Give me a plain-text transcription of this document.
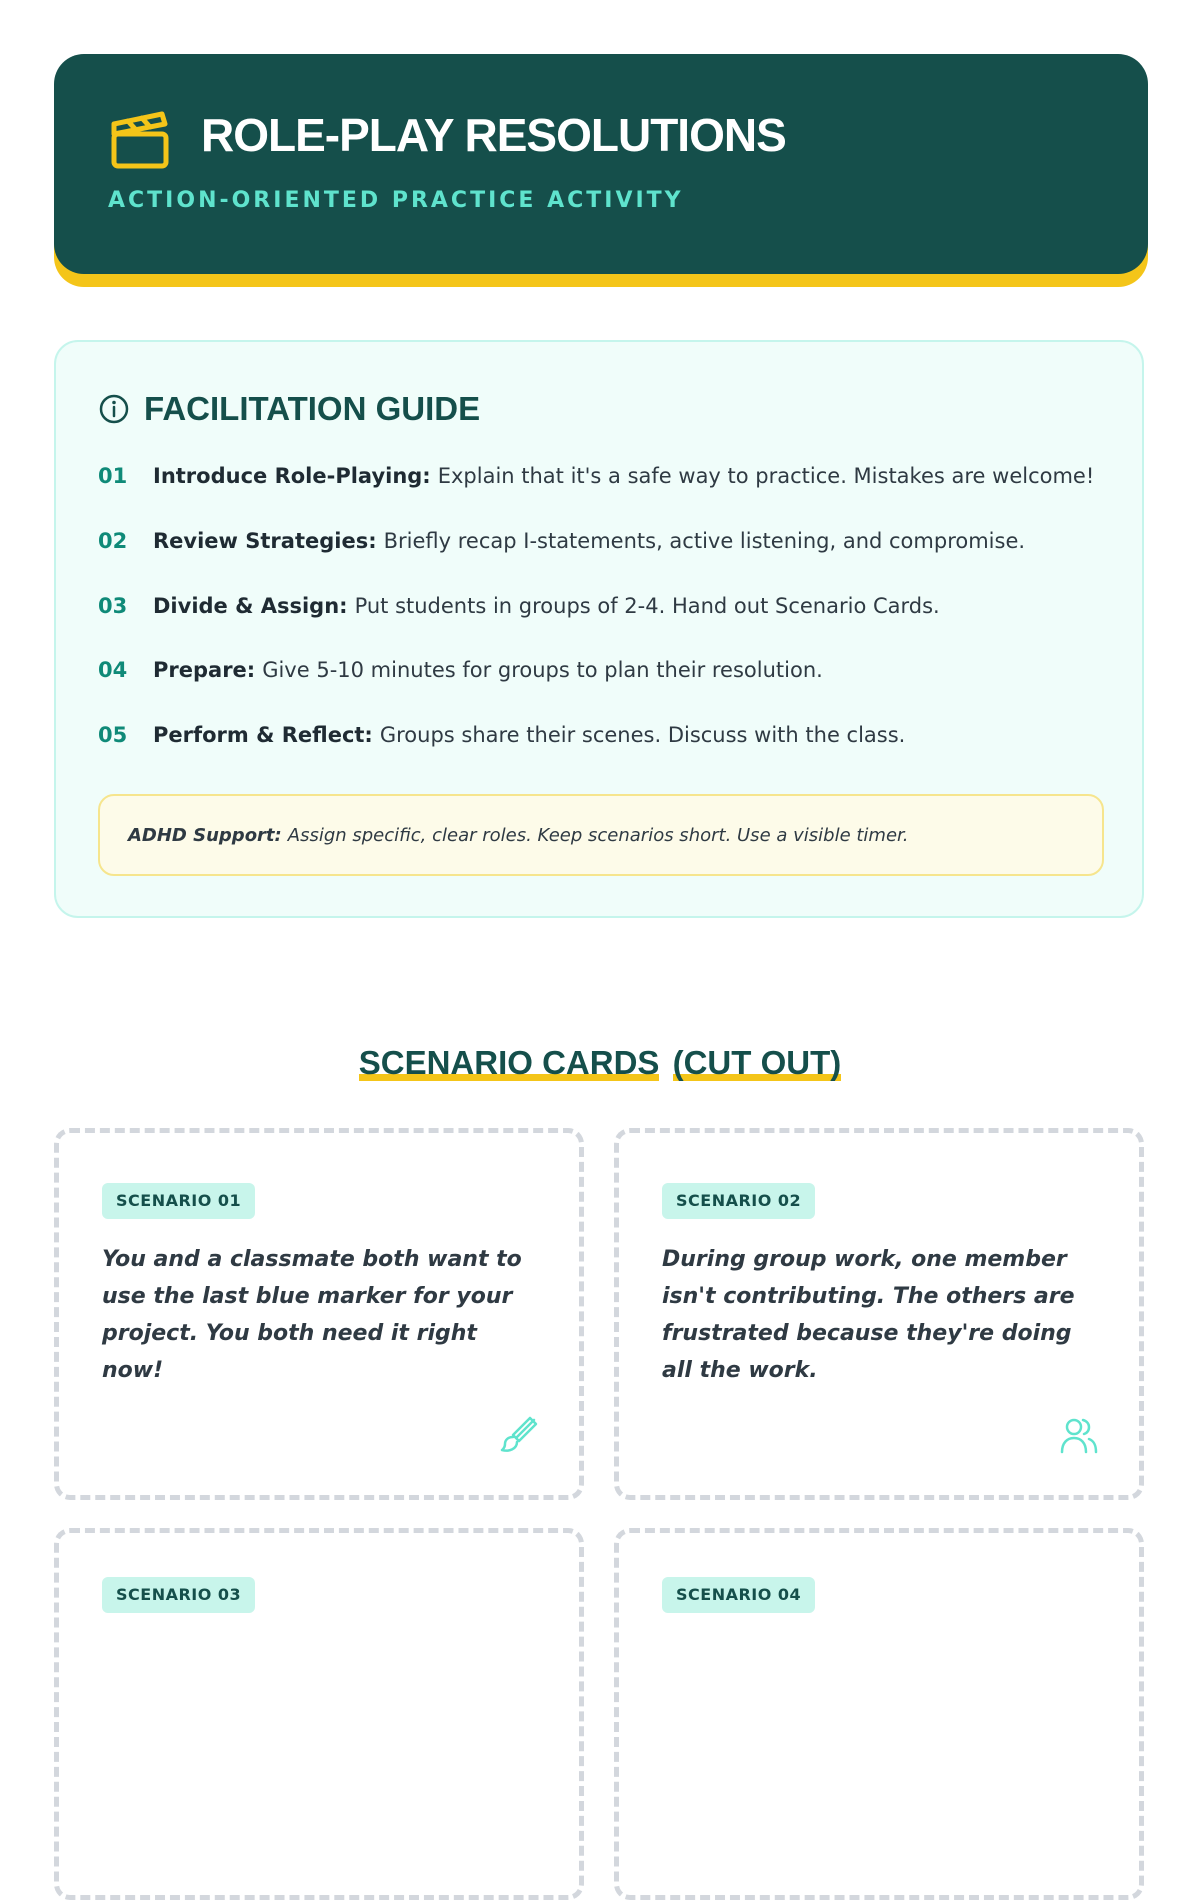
ROLE-PLAY RESOLUTIONS
ACTION-ORIENTED PRACTICE ACTIVITY
FACILITATION GUIDE
01	Introduce Role-Playing: Explain that it's a safe way to practice. Mistakes are welcome!
02	Review Strategies: Briefly recap I-statements, active listening, and compromise.
03	Divide & Assign: Put students in groups of 2-4. Hand out Scenario Cards.
04	Prepare: Give 5-10 minutes for groups to plan their resolution.
05	Perform & Reflect: Groups share their scenes. Discuss with the class.
ADHD Support: Assign specific, clear roles. Keep scenarios short. Use a visible timer.
SCENARIO CARDS (CUT OUT)
SCENARIO 01
You and a classmate both want to use the last blue marker for your project. You both need it right now!
SCENARIO 02
During group work, one member isn't contributing. The others are frustrated because they're doing all the work.
SCENARIO 03	SCENARIO 04
